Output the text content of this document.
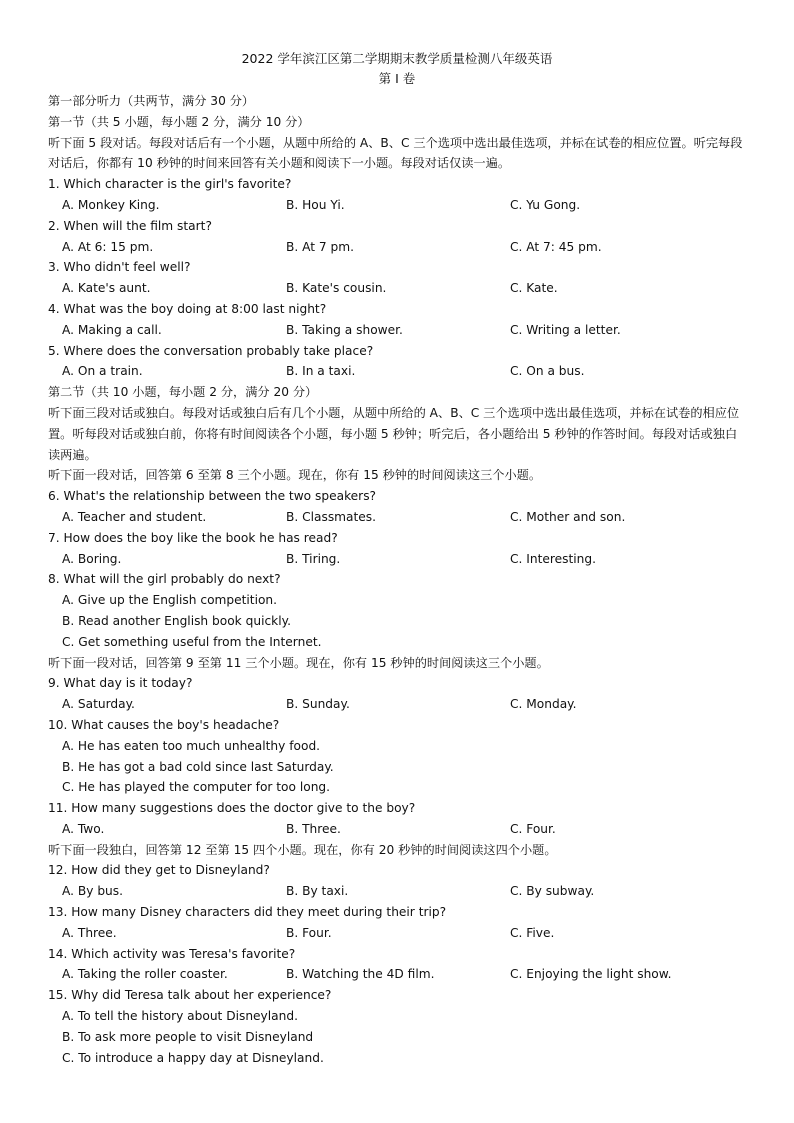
2022 学年滨江区第二学期期末教学质量检测八年级英语
第 I 卷
第一部分听力（共两节，满分 30 分）
第一节（共 5 小题，每小题 2 分，满分 10 分）
听下面 5 段对话。每段对话后有一个小题，从题中所给的 A、B、C 三个选项中选出最佳选项，并标在试卷的相应位置。听完每段对话后，你都有 10 秒钟的时间来回答有关小题和阅读下一小题。每段对话仅读一遍。
1. Which character is the girl's favorite?
A. Monkey King.	B. Hou Yi.	C. Yu Gong.
2. When will the film start?
A. At 6: 15 pm.	B. At 7 pm.	C. At 7: 45 pm.
3. Who didn't feel well?
A. Kate's aunt.	B. Kate's cousin.	C. Kate.
4. What was the boy doing at 8:00 last night?
A. Making a call.	B. Taking a shower.	C. Writing a letter.
5. Where does the conversation probably take place?
A. On a train.	B. In a taxi.	C. On a bus.
第二节（共 10 小题，每小题 2 分，满分 20 分）
听下面三段对话或独白。每段对话或独白后有几个小题，从题中所给的 A、B、C 三个选项中选出最佳选项，并标在试卷的相应位置。听每段对话或独白前，你将有时间阅读各个小题，每小题 5 秒钟；听完后，各小题给出 5 秒钟的作答时间。每段对话或独白读两遍。
听下面一段对话，回答第 6 至第 8 三个小题。现在，你有 15 秒钟的时间阅读这三个小题。
6. What's the relationship between the two speakers?
A. Teacher and student.	B. Classmates.	C. Mother and son.
7. How does the boy like the book he has read?
A. Boring.	B. Tiring.	C. Interesting.
8. What will the girl probably do next?
A. Give up the English competition.
B. Read another English book quickly.
C. Get something useful from the Internet.
听下面一段对话，回答第 9 至第 11 三个小题。现在，你有 15 秒钟的时间阅读这三个小题。
9. What day is it today?
A. Saturday.	B. Sunday.	C. Monday.
10. What causes the boy's headache?
A. He has eaten too much unhealthy food.
B. He has got a bad cold since last Saturday.
C. He has played the computer for too long.
11. How many suggestions does the doctor give to the boy?
A. Two.	B. Three.	C. Four.
听下面一段独白，回答第 12 至第 15 四个小题。现在，你有 20 秒钟的时间阅读这四个小题。
12. How did they get to Disneyland?
A. By bus.	B. By taxi.	C. By subway.
13. How many Disney characters did they meet during their trip?
A. Three.	B. Four.	C. Five.
14. Which activity was Teresa's favorite?
A. Taking the roller coaster.	B. Watching the 4D film.	C. Enjoying the light show.
15. Why did Teresa talk about her experience?
A. To tell the history about Disneyland.
B. To ask more people to visit Disneyland
C. To introduce a happy day at Disneyland.
